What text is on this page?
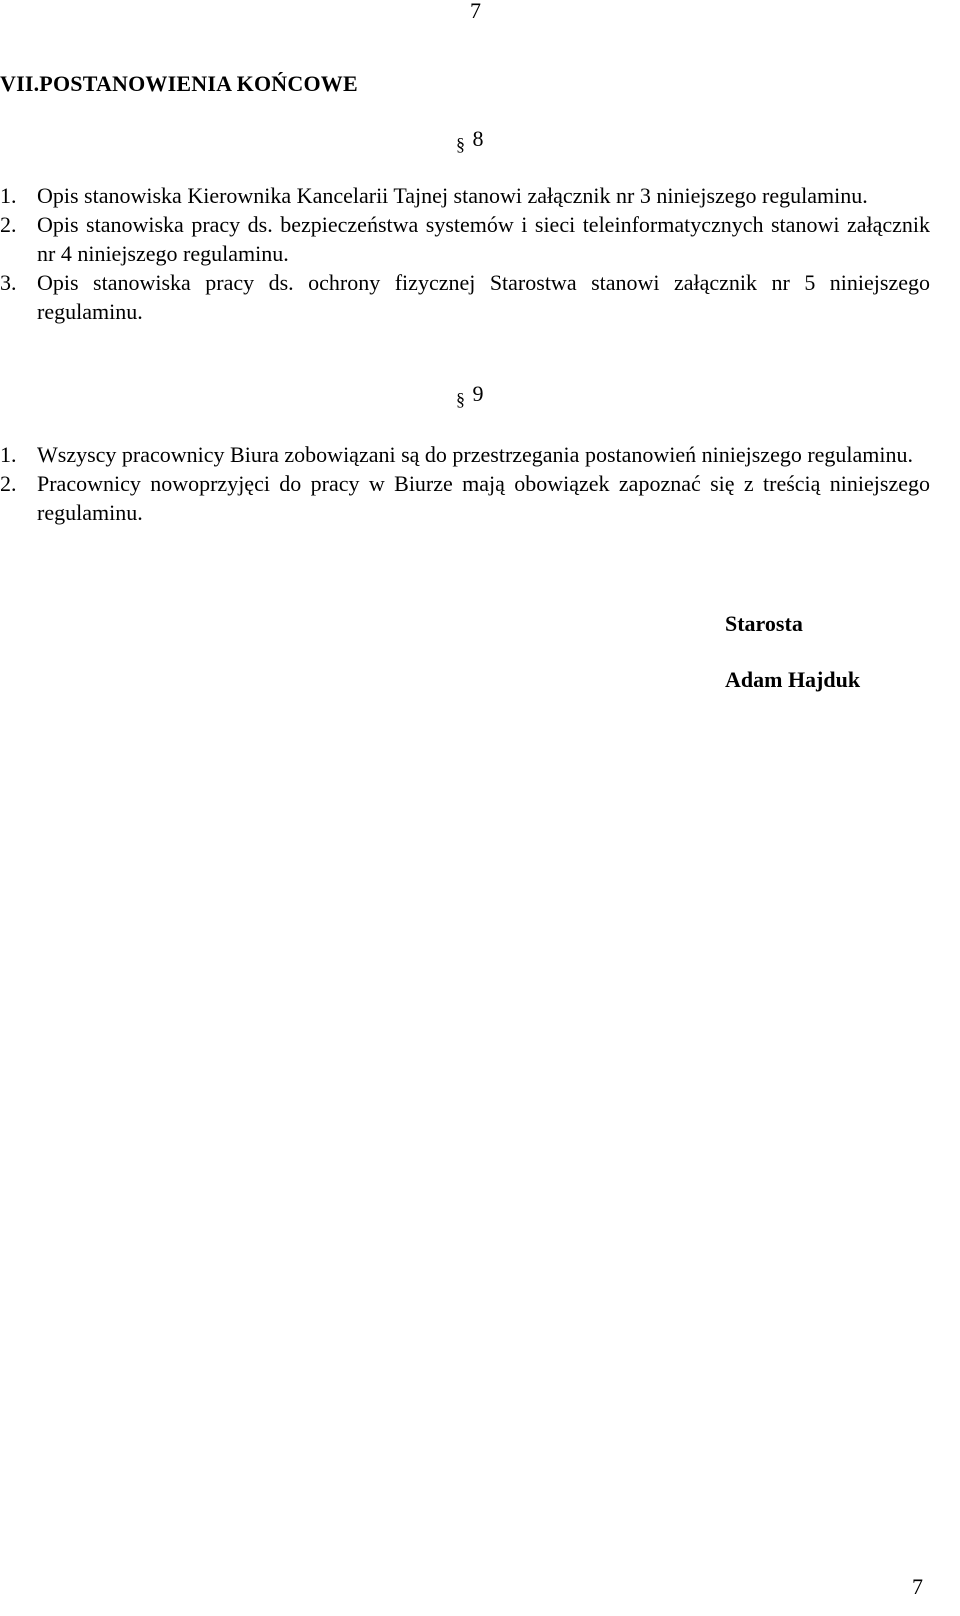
7
VII.POSTANOWIENIA KOŃCOWE
§ 8
1. Opis stanowiska Kierownika Kancelarii Tajnej stanowi załącznik nr 3 niniejszego regulaminu.
2. Opis stanowiska pracy ds. bezpieczeństwa systemów i sieci teleinformatycznych stanowi załącznik nr 4 niniejszego regulaminu.
3. Opis stanowiska pracy ds. ochrony fizycznej Starostwa stanowi załącznik nr 5 niniejszego regulaminu.
§ 9
1. Wszyscy pracownicy Biura zobowiązani są do przestrzegania postanowień niniejszego regulaminu.
2. Pracownicy nowoprzyjęci do pracy w Biurze mają obowiązek zapoznać się z treścią niniejszego regulaminu.
Starosta
Adam Hajduk
7
